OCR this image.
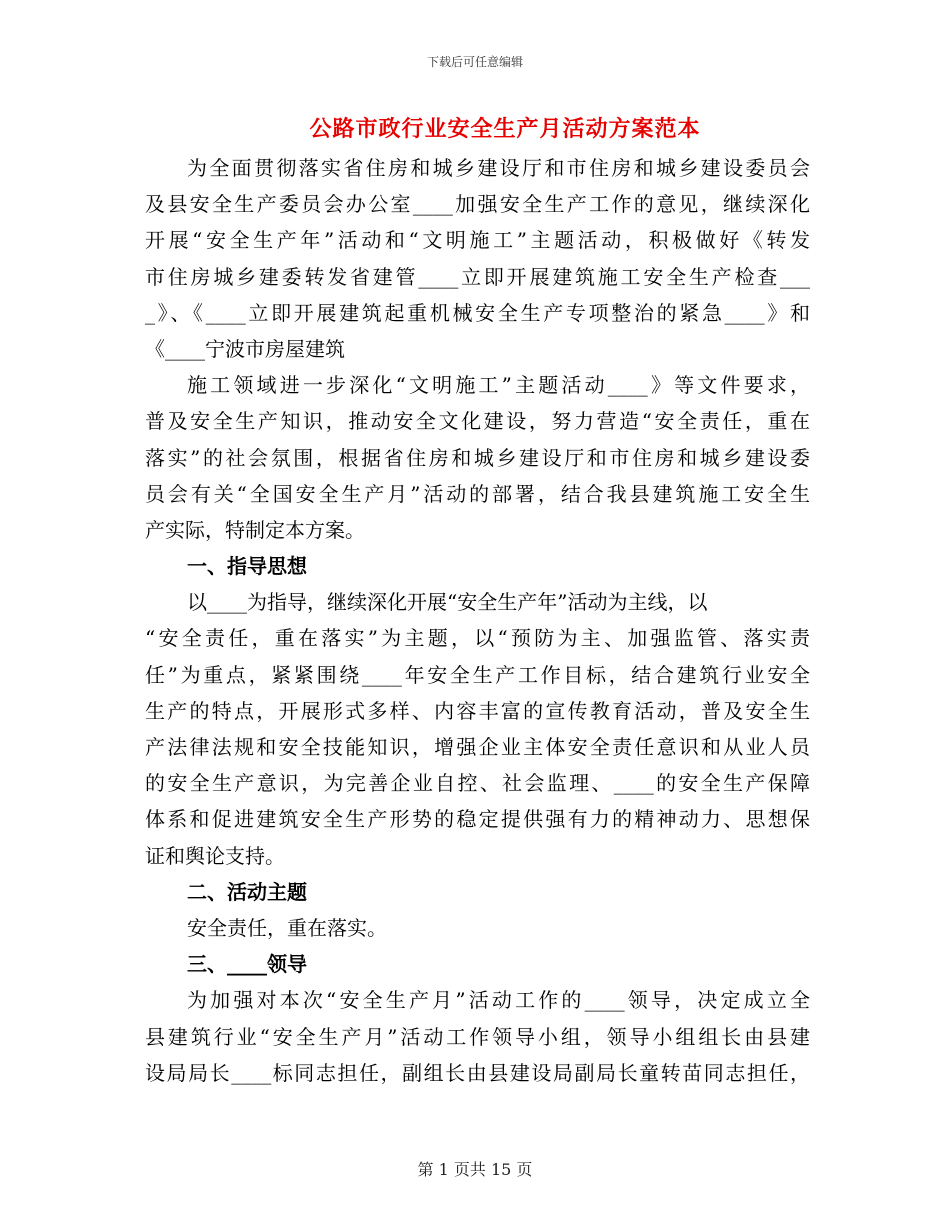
下载后可任意编辑
公路市政行业安全生产月活动方案范本
为全面贯彻落实省住房和城乡建设厅和市住房和城乡建设委员会
及县安全生产委员会办公室____加强安全生产工作的意见，继续深化
开展“安全生产年”活动和“文明施工”主题活动，积极做好《转发
市住房城乡建委转发省建管____立即开展建筑施工安全生产检查___
_》、《____立即开展建筑起重机械安全生产专项整治的紧急____》和
《____宁波市房屋建筑
施工领域进一步深化“文明施工”主题活动____》等文件要求，
普及安全生产知识，推动安全文化建设，努力营造“安全责任，重在
落实”的社会氛围，根据省住房和城乡建设厅和市住房和城乡建设委
员会有关“全国安全生产月”活动的部署，结合我县建筑施工安全生
产实际，特制定本方案。
一、指导思想
以____为指导，继续深化开展“安全生产年”活动为主线，以
“安全责任，重在落实”为主题，以“预防为主、加强监管、落实责
任”为重点，紧紧围绕____年安全生产工作目标，结合建筑行业安全
生产的特点，开展形式多样、内容丰富的宣传教育活动，普及安全生
产法律法规和安全技能知识，增强企业主体安全责任意识和从业人员
的安全生产意识，为完善企业自控、社会监理、____的安全生产保障
体系和促进建筑安全生产形势的稳定提供强有力的精神动力、思想保
证和舆论支持。
二、活动主题
安全责任，重在落实。
三、____领导
为加强对本次“安全生产月”活动工作的____领导，决定成立全
县建筑行业“安全生产月”活动工作领导小组，领导小组组长由县建
设局局长____标同志担任，副组长由县建设局副局长童转苗同志担任，
第 1 页共 15 页
